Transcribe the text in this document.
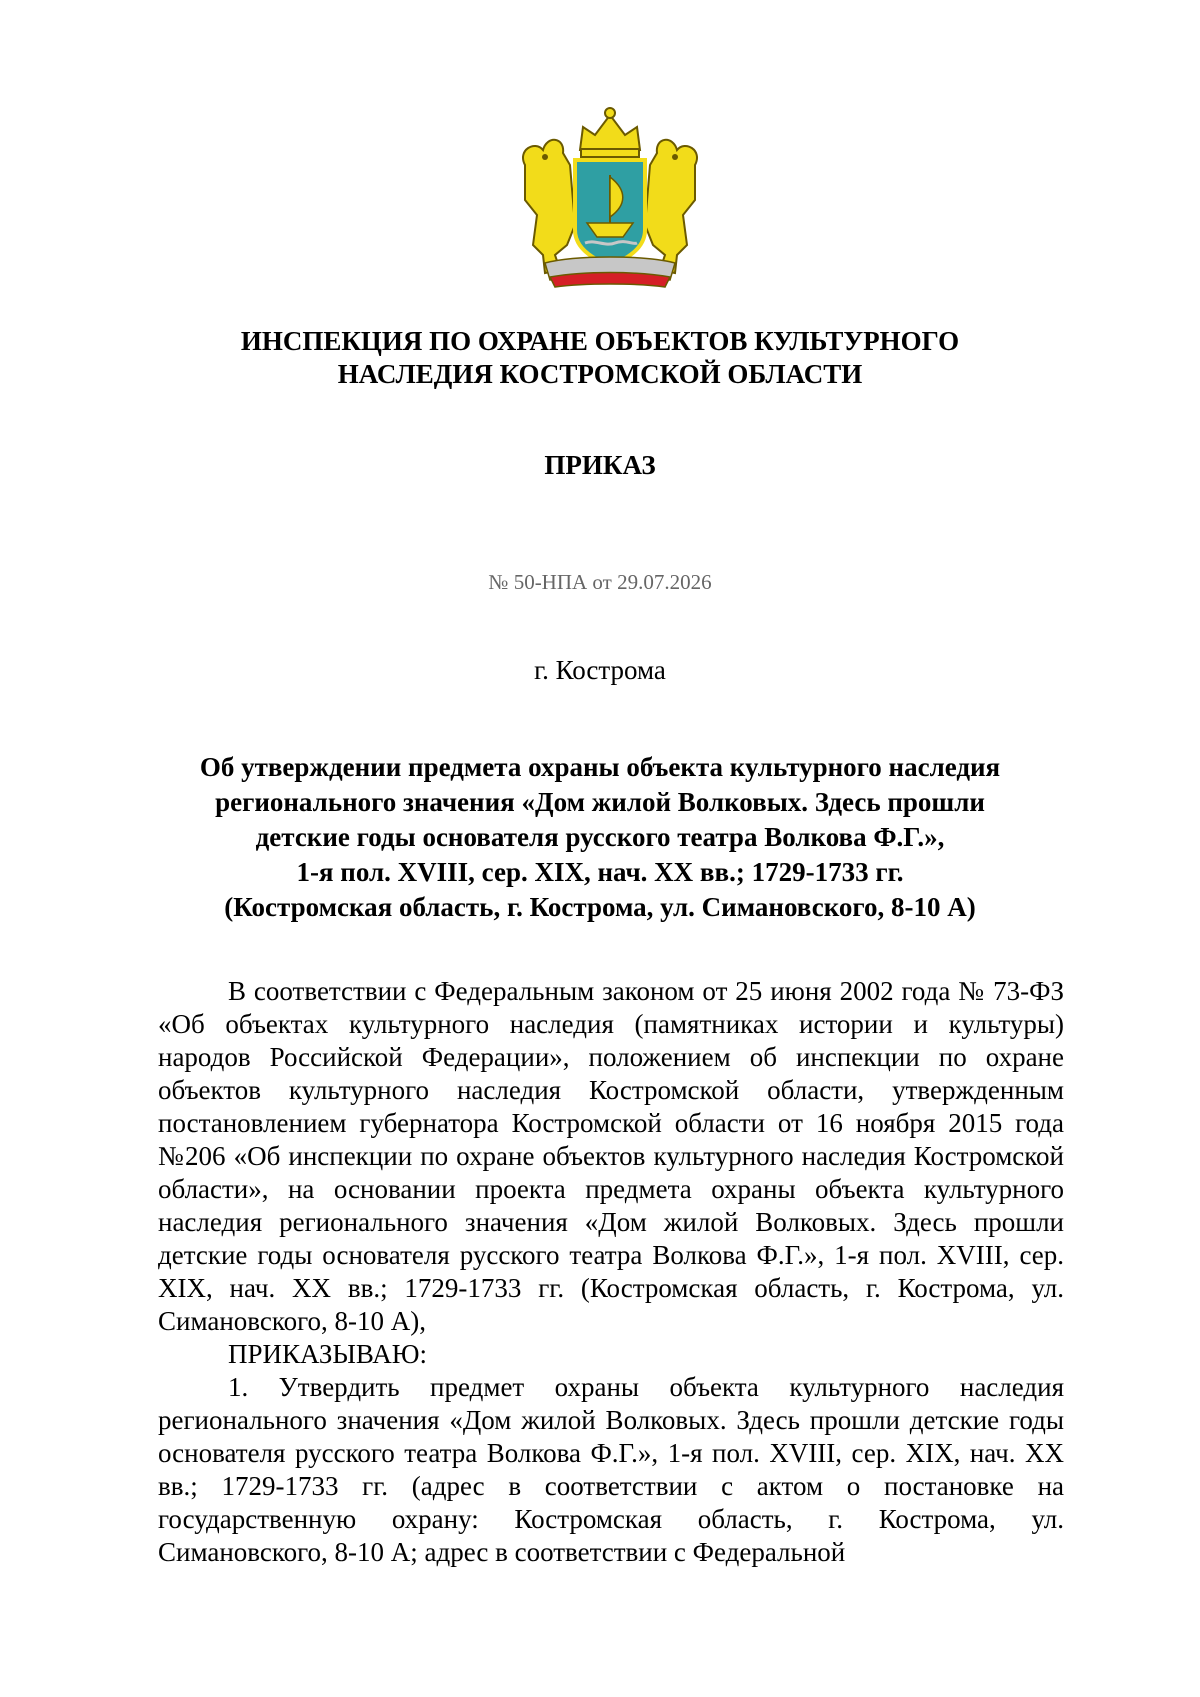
ИНСПЕКЦИЯ ПО ОХРАНЕ ОБЪЕКТОВ КУЛЬТУРНОГО
НАСЛЕДИЯ КОСТРОМСКОЙ ОБЛАСТИ
ПРИКАЗ
№ 50-НПА от 29.07.2026
г. Кострома
Об утверждении предмета охраны объекта культурного наследия
регионального значения «Дом жилой Волковых. Здесь прошли
детские годы основателя русского театра Волкова Ф.Г.»,
1-я пол. XVIII, сер. XIX, нач. XX вв.; 1729-1733 гг.
(Костромская область, г. Кострома, ул. Симановского, 8-10 А)

В соответствии с Федеральным законом от 25 июня 2002 года № 73-ФЗ «Об объектах культурного наследия (памятниках истории и культуры) народов Российской Федерации», положением об инспекции по охране объектов культурного наследия Костромской области, утвержденным постановлением губернатора Костромской области от 16 ноября 2015 года №206 «Об инспекции по охране объектов культурного наследия Костромской области», на основании проекта предмета охраны объекта культурного наследия регионального значения «Дом жилой Волковых. Здесь прошли детские годы основателя русского театра Волкова Ф.Г.», 1-я пол. XVIII, сер. XIX, нач. XX вв.; 1729-1733 гг. (Костромская область, г. Кострома, ул. Симановского, 8-10 А),

ПРИКАЗЫВАЮ:

1. Утвердить предмет охраны объекта культурного наследия регионального значения «Дом жилой Волковых. Здесь прошли детские годы основателя русского театра Волкова Ф.Г.», 1-я пол. XVIII, сер. XIX, нач. XX вв.; 1729-1733 гг. (адрес в соответствии с актом о постановке на государственную охрану: Костромская область, г. Кострома, ул. Симановского, 8-10 А; адрес в соответствии с Федеральной
